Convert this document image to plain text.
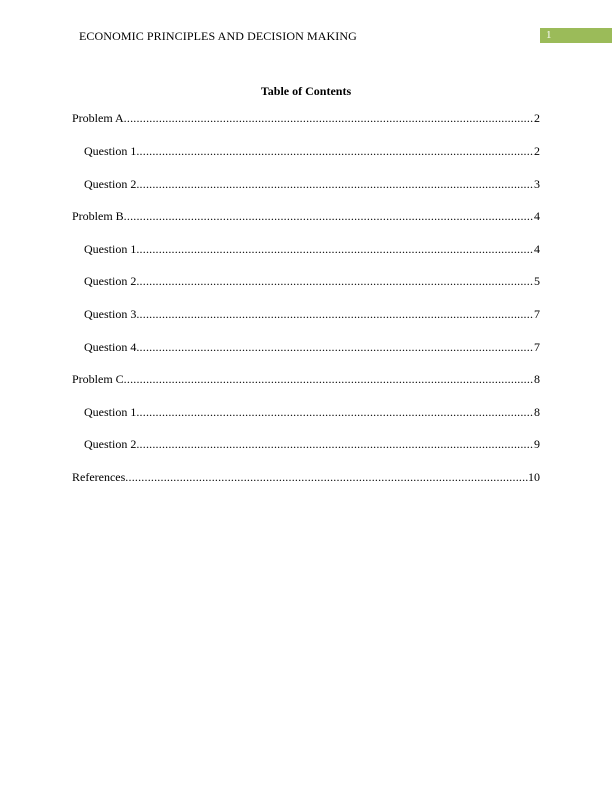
ECONOMIC PRINCIPLES AND DECISION MAKING	1
Table of Contents
Problem A .....	2
Question 1 .....	2
Question 2 .....	3
Problem B .....	4
Question 1 .....	4
Question 2 .....	5
Question 3 .....	7
Question 4 .....	7
Problem C .....	8
Question 1 .....	8
Question 2 .....	9
References .....	10
